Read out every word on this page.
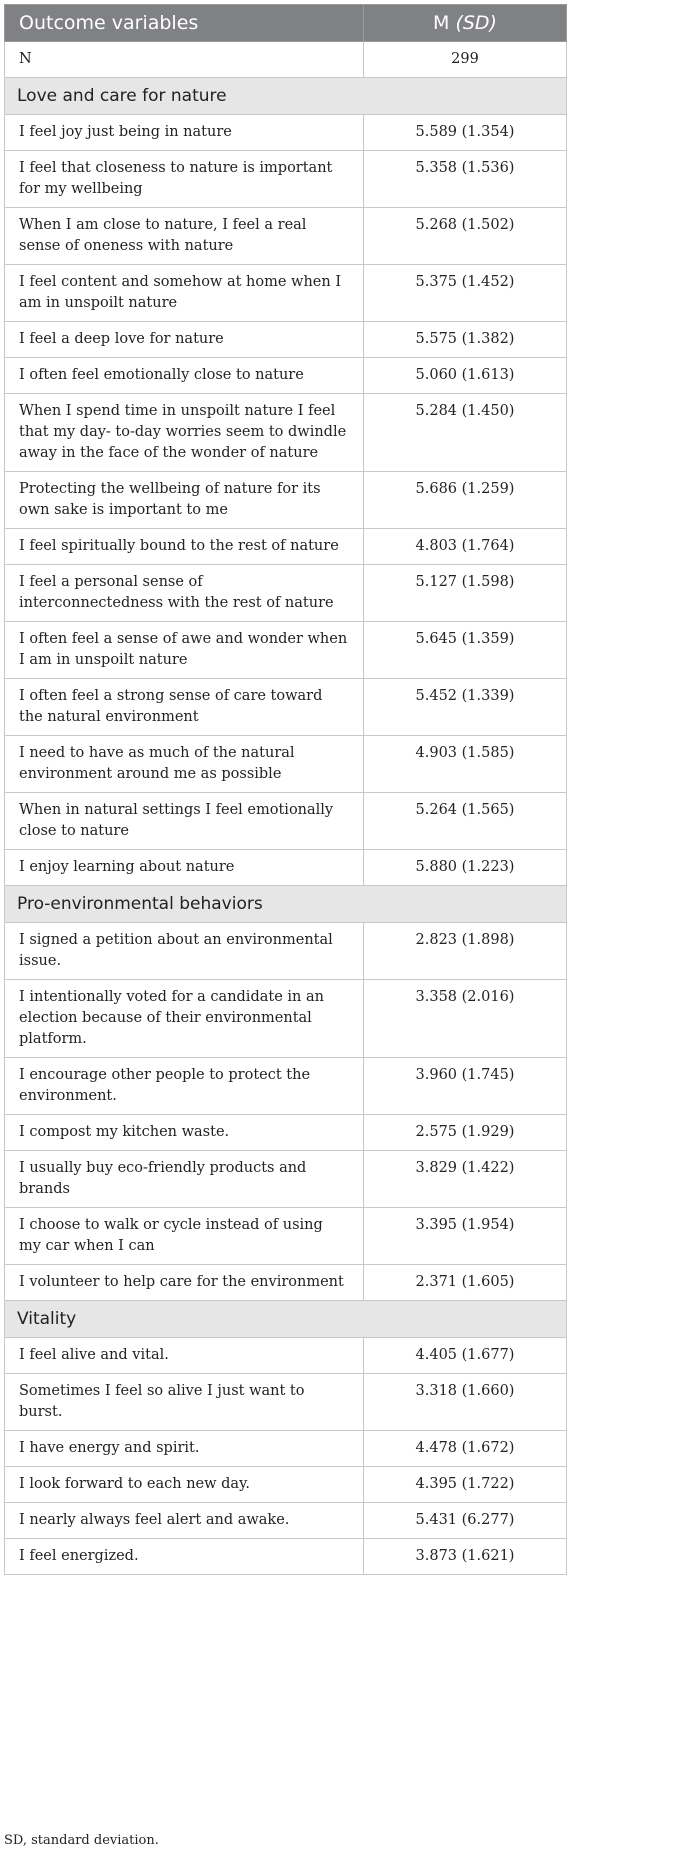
Outcome variables	M (SD)
N	299
Love and care for nature	
I feel joy just being in nature	5.589 (1.354)
I feel that closeness to nature is important for my wellbeing	5.358 (1.536)
When I am close to nature, I feel a real sense of oneness with nature	5.268 (1.502)
I feel content and somehow at home when I am in unspoilt nature	5.375 (1.452)
I feel a deep love for nature	5.575 (1.382)
I often feel emotionally close to nature	5.060 (1.613)
When I spend time in unspoilt nature I feel that my day- to-day worries seem to dwindle away in the face of the wonder of nature	5.284 (1.450)
Protecting the wellbeing of nature for its own sake is important to me	5.686 (1.259)
I feel spiritually bound to the rest of nature	4.803 (1.764)
I feel a personal sense of interconnectedness with the rest of nature	5.127 (1.598)
I often feel a sense of awe and wonder when I am in unspoilt nature	5.645 (1.359)
I often feel a strong sense of care toward the natural environment	5.452 (1.339)
I need to have as much of the natural environment around me as possible	4.903 (1.585)
When in natural settings I feel emotionally close to nature	5.264 (1.565)
I enjoy learning about nature	5.880 (1.223)
Pro-environmental behaviors	
I signed a petition about an environmental issue.	2.823 (1.898)
I intentionally voted for a candidate in an election because of their environmental platform.	3.358 (2.016)
I encourage other people to protect the environment.	3.960 (1.745)
I compost my kitchen waste.	2.575 (1.929)
I usually buy eco-friendly products and brands	3.829 (1.422)
I choose to walk or cycle instead of using my car when I can	3.395 (1.954)
I volunteer to help care for the environment	2.371 (1.605)
Vitality	
I feel alive and vital.	4.405 (1.677)
Sometimes I feel so alive I just want to burst.	3.318 (1.660)
I have energy and spirit.	4.478 (1.672)
I look forward to each new day.	4.395 (1.722)
I nearly always feel alert and awake.	5.431 (6.277)
I feel energized.	3.873 (1.621)
SD, standard deviation.
